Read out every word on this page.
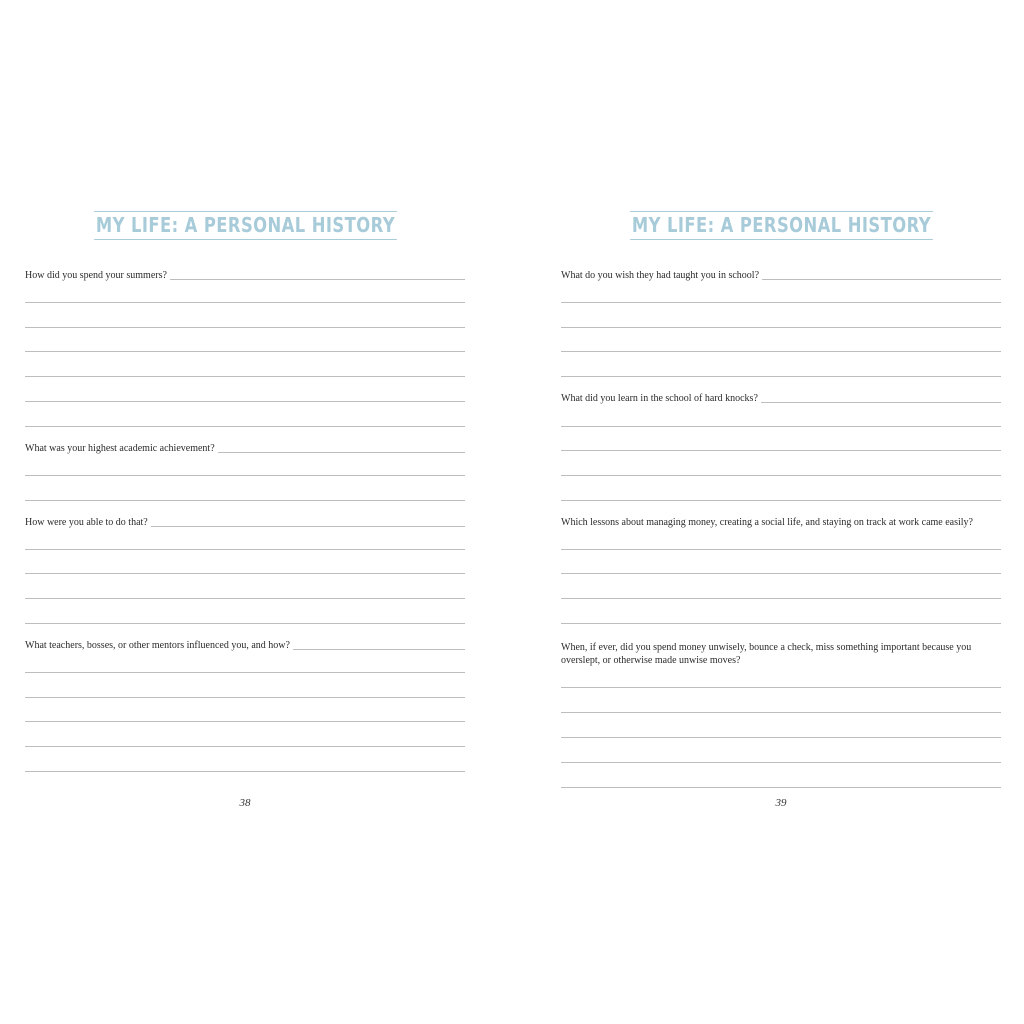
MY LIFE: A PERSONAL HISTORY
How did you spend your summers?
What was your highest academic achievement?
How were you able to do that?
What teachers, bosses, or other mentors influenced you, and how?
38
MY LIFE: A PERSONAL HISTORY
What do you wish they had taught you in school?
What did you learn in the school of hard knocks?
Which lessons about managing money, creating a social life, and staying on track at work came easily?
When, if ever, did you spend money unwisely, bounce a check, miss something important because you overslept, or otherwise made unwise moves?
39
